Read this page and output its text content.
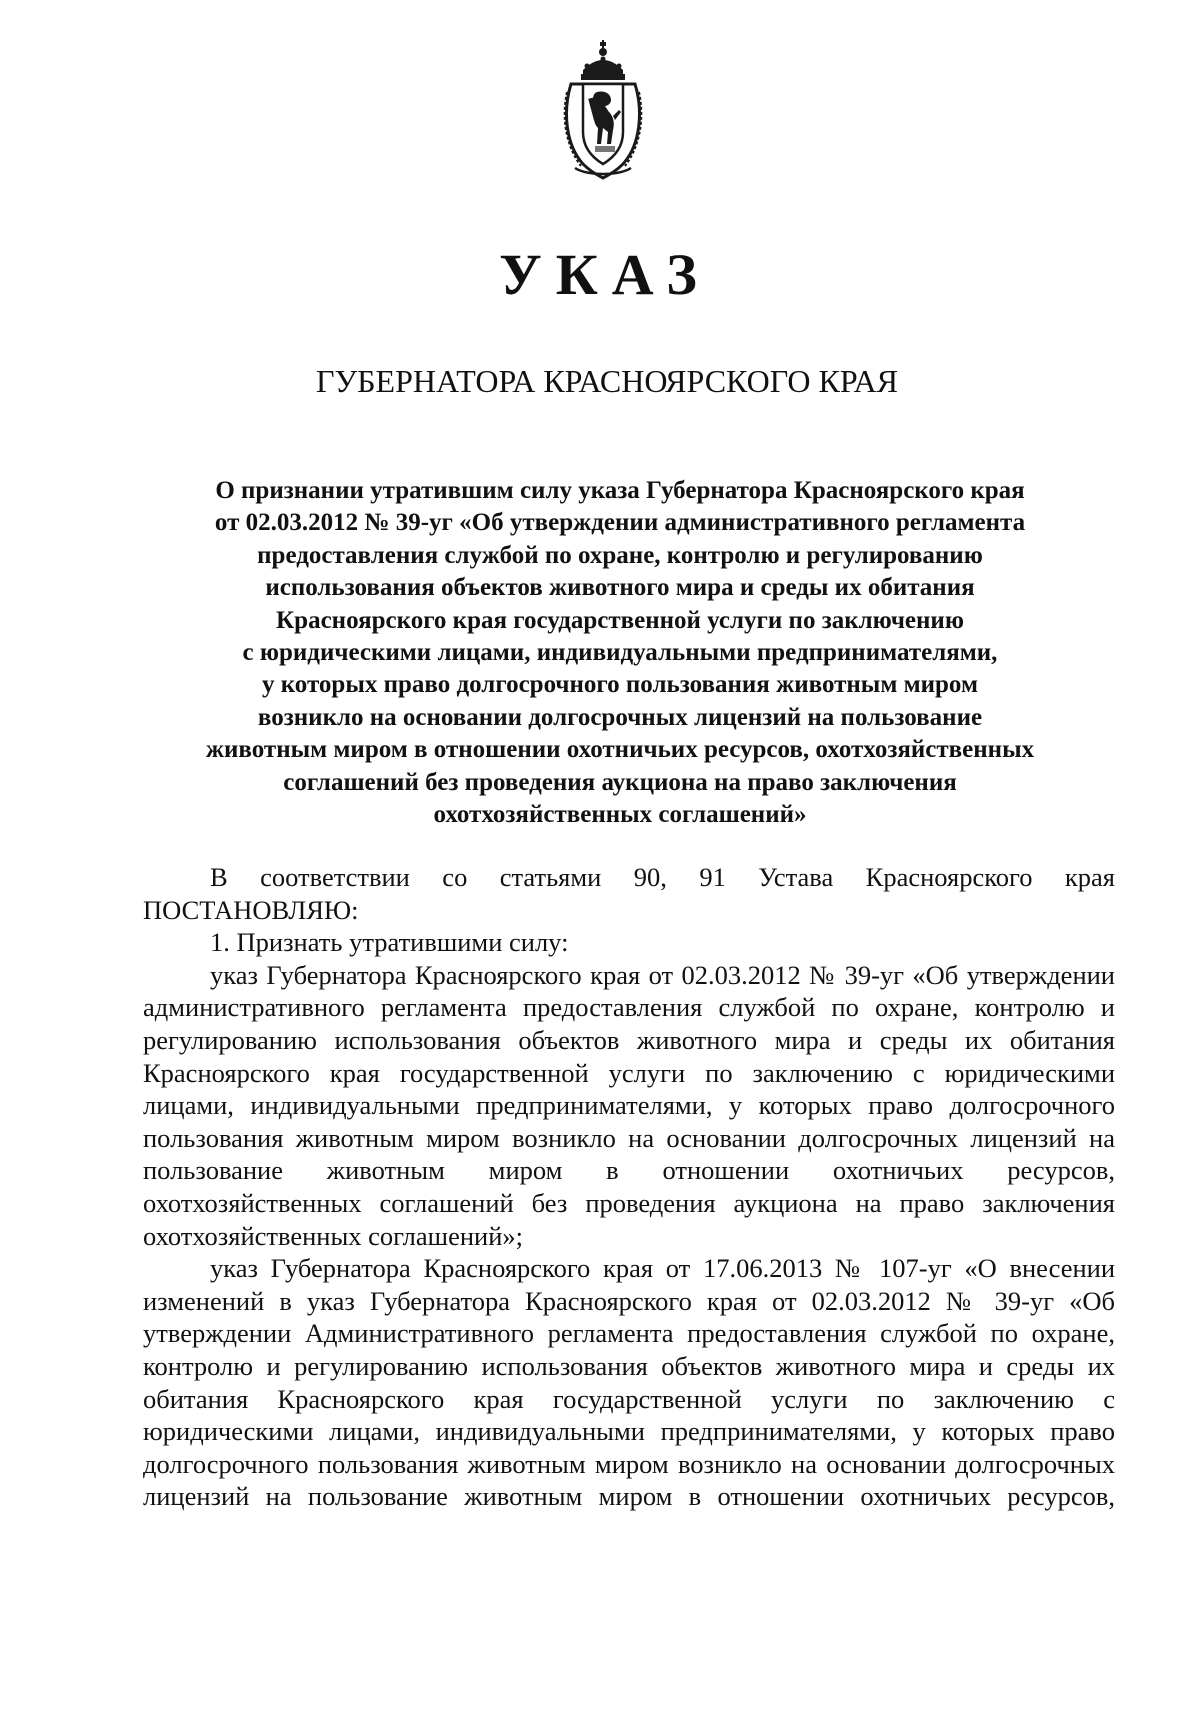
УКАЗ
ГУБЕРНАТОРА КРАСНОЯРСКОГО КРАЯ
О признании утратившим силу указа Губернатора Красноярского края
от 02.03.2012 № 39-уг «Об утверждении административного регламента
предоставления службой по охране, контролю и регулированию
использования объектов животного мира и среды их обитания
Красноярского края государственной услуги по заключению
с юридическими лицами, индивидуальными предпринимателями,
у которых право долгосрочного пользования животным миром
возникло на основании долгосрочных лицензий на пользование
животным миром в отношении охотничьих ресурсов, охотхозяйственных
соглашений без проведения аукциона на право заключения
охотхозяйственных соглашений»

В соответствии со статьями 90, 91 Устава Красноярского края ПОСТАНОВЛЯЮ:

1. Признать утратившими силу:

указ Губернатора Красноярского края от 02.03.2012 № 39-уг «Об утверждении административного регламента предоставления службой по охране, контролю и регулированию использования объектов животного мира и среды их обитания Красноярского края государственной услуги по заключению с юридическими лицами, индивидуальными предпринимателями, у которых право долгосрочного пользования животным миром возникло на основании долгосрочных лицензий на пользование животным миром в отношении охотничьих ресурсов, охотхозяйственных соглашений без проведения аукциона на право заключения охотхозяйственных соглашений»;

указ Губернатора Красноярского края от 17.06.2013 № 107-уг «О внесении изменений в указ Губернатора Красноярского края от 02.03.2012 № 39-уг «Об утверждении Административного регламента предоставления службой по охране, контролю и регулированию использования объектов животного мира и среды их обитания Красноярского края государственной услуги по заключению с юридическими лицами, индивидуальными предпринимателями, у которых право долгосрочного пользования животным миром возникло на основании долгосрочных лицензий на пользование животным миром в отношении охотничьих ресурсов,
